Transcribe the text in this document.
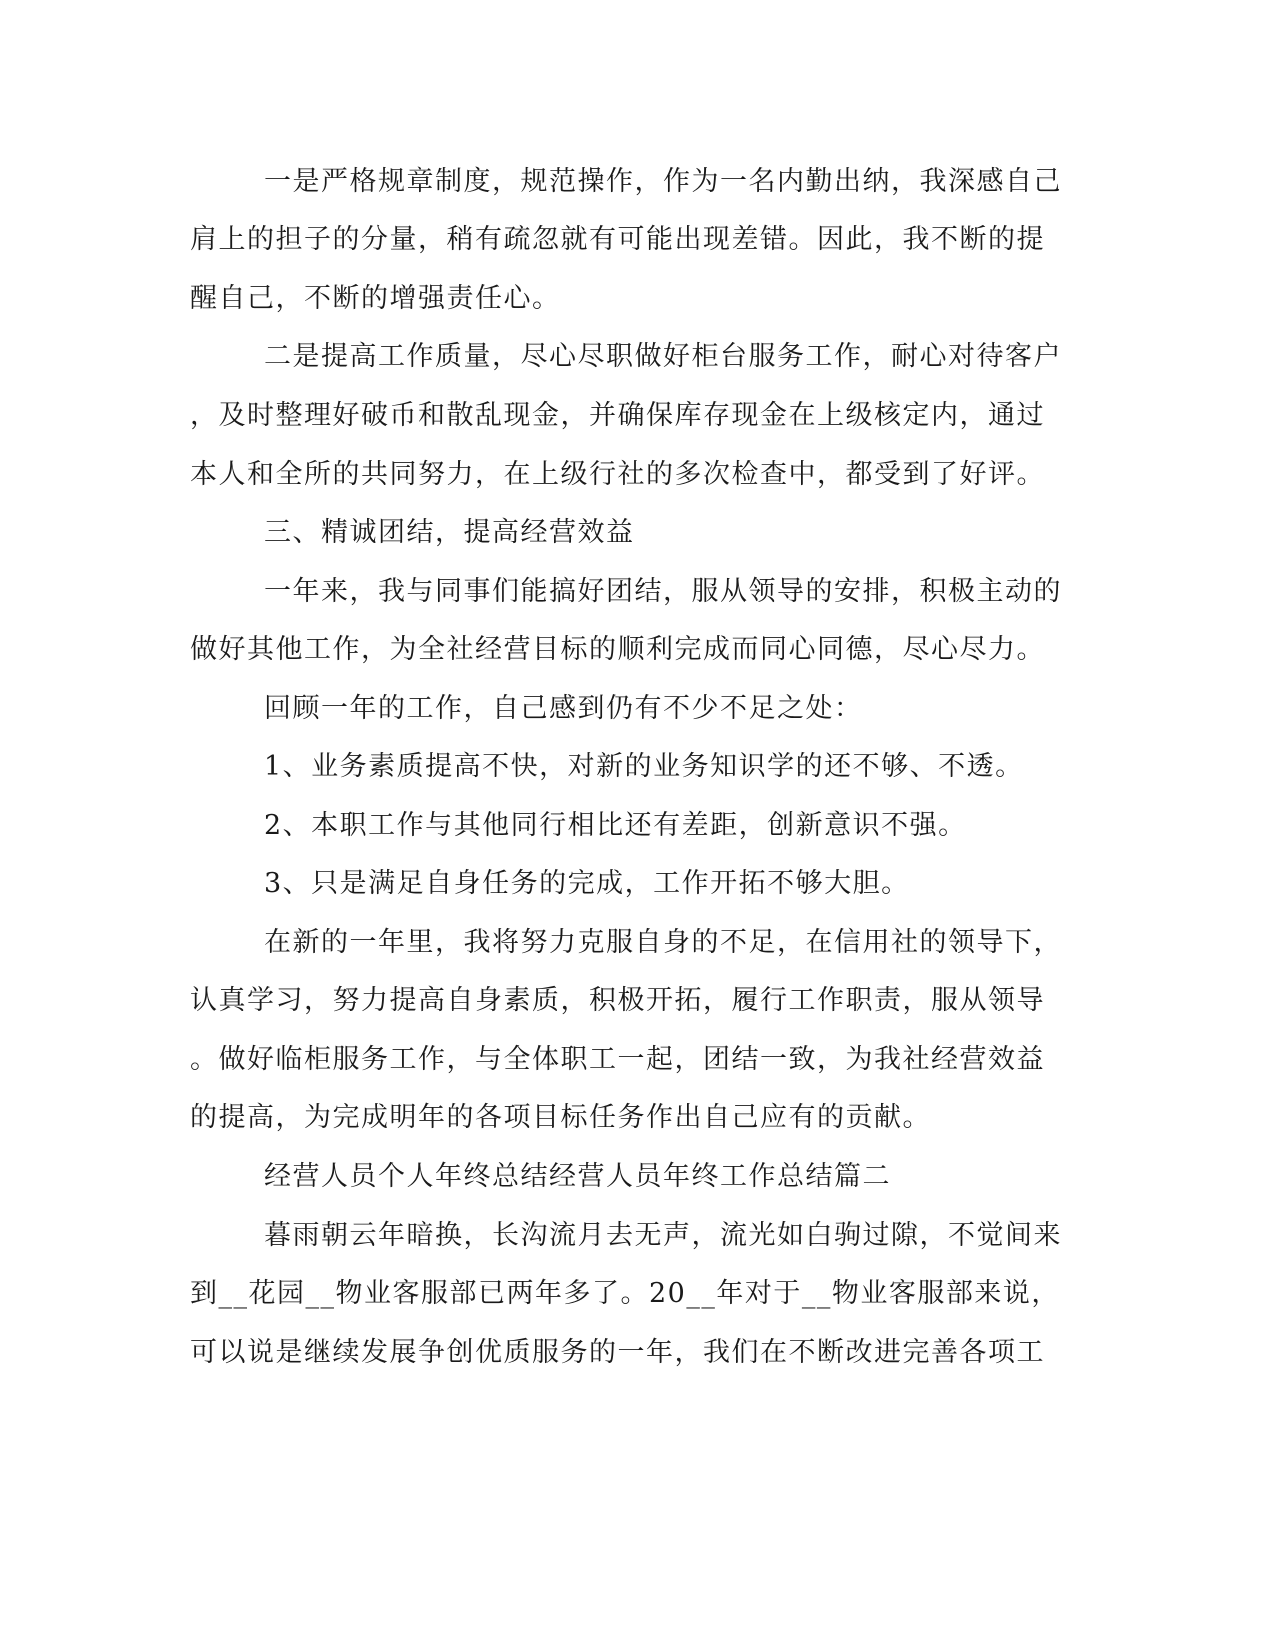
一是严格规章制度，规范操作，作为一名内勤出纳，我深感自己
肩上的担子的分量，稍有疏忽就有可能出现差错。因此，我不断的提
醒自己，不断的增强责任心。
二是提高工作质量，尽心尽职做好柜台服务工作，耐心对待客户
，及时整理好破币和散乱现金，并确保库存现金在上级核定内，通过
本人和全所的共同努力，在上级行社的多次检查中，都受到了好评。
三、精诚团结，提高经营效益
一年来，我与同事们能搞好团结，服从领导的安排，积极主动的
做好其他工作，为全社经营目标的顺利完成而同心同德，尽心尽力。
回顾一年的工作，自己感到仍有不少不足之处：
1、业务素质提高不快，对新的业务知识学的还不够、不透。
2、本职工作与其他同行相比还有差距，创新意识不强。
3、只是满足自身任务的完成，工作开拓不够大胆。
在新的一年里，我将努力克服自身的不足，在信用社的领导下，
认真学习，努力提高自身素质，积极开拓，履行工作职责，服从领导
。做好临柜服务工作，与全体职工一起，团结一致，为我社经营效益
的提高，为完成明年的各项目标任务作出自己应有的贡献。
经营人员个人年终总结经营人员年终工作总结篇二
暮雨朝云年暗换，长沟流月去无声，流光如白驹过隙，不觉间来
到__花园__物业客服部已两年多了。20__年对于__物业客服部来说，
可以说是继续发展争创优质服务的一年，我们在不断改进完善各项工
